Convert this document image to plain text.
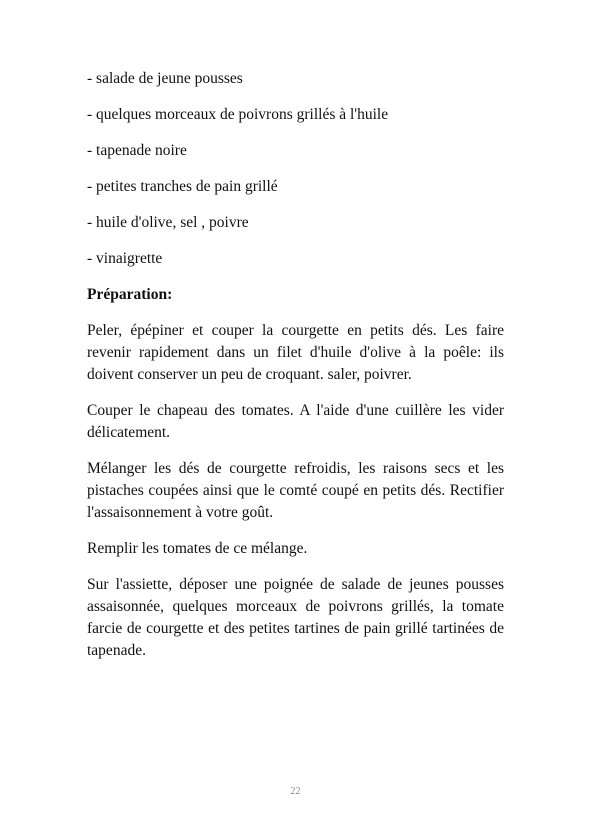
- salade de jeune pousses
- quelques morceaux de poivrons grillés à l'huile
- tapenade noire
- petites tranches de pain grillé
- huile d'olive, sel , poivre
- vinaigrette
Préparation:

Peler, épépiner et couper la courgette en petits dés. Les faire revenir rapidement dans un filet d'huile d'olive à la poêle: ils doivent conserver un peu de croquant. saler, poivrer.

Couper le chapeau des tomates. A l'aide d'une cuillère les vider délicatement.

Mélanger les dés de courgette refroidis, les raisons secs et les pistaches coupées ainsi que le comté coupé en petits dés. Rectifier l'assaisonnement à votre goût.

Remplir les tomates de ce mélange.

Sur l'assiette, déposer une poignée de salade de jeunes pousses assaisonnée, quelques morceaux de poivrons grillés, la tomate farcie de courgette et des petites tartines de pain grillé tartinées de tapenade.

22
